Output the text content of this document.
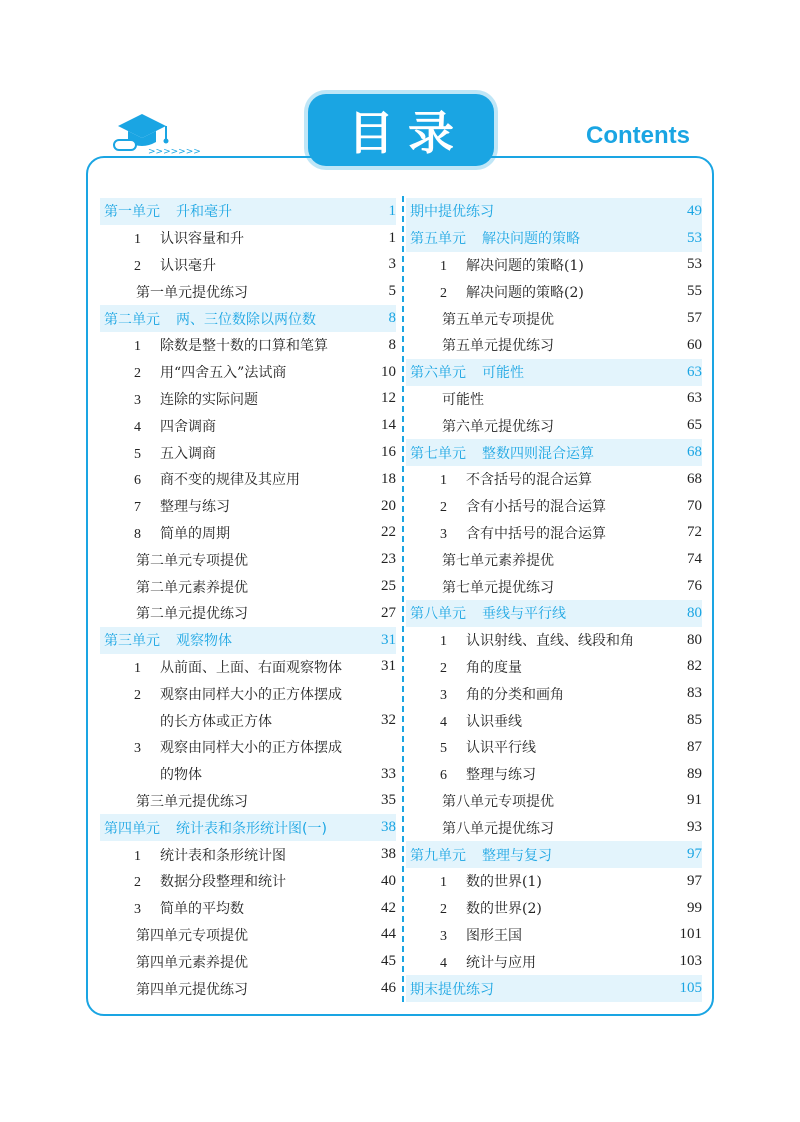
>>>>>>>	目录	Contents
第一单元 升和毫升	1
1 认识容量和升	1
2 认识毫升	3
第一单元提优练习	5
第二单元 两、三位数除以两位数	8
1 除数是整十数的口算和笔算	8
2 用“四舍五入”法试商	10
3 连除的实际问题	12
4 四舍调商	14
5 五入调商	16
6 商不变的规律及其应用	18
7 整理与练习	20
8 简单的周期	22
第二单元专项提优	23
第二单元素养提优	25
第二单元提优练习	27
第三单元 观察物体	31
1 从前面、上面、右面观察物体	31
2 观察由同样大小的正方体摆成
的长方体或正方体	32
3 观察由同样大小的正方体摆成
的物体	33
第三单元提优练习	35
第四单元 统计表和条形统计图(一)	38
1 统计表和条形统计图	38
2 数据分段整理和统计	40
3 简单的平均数	42
第四单元专项提优	44
第四单元素养提优	45
第四单元提优练习	46
期中提优练习	49
第五单元 解决问题的策略	53
1 解决问题的策略(1)	53
2 解决问题的策略(2)	55
第五单元专项提优	57
第五单元提优练习	60
第六单元 可能性	63
可能性	63
第六单元提优练习	65
第七单元 整数四则混合运算	68
1 不含括号的混合运算	68
2 含有小括号的混合运算	70
3 含有中括号的混合运算	72
第七单元素养提优	74
第七单元提优练习	76
第八单元 垂线与平行线	80
1 认识射线、直线、线段和角	80
2 角的度量	82
3 角的分类和画角	83
4 认识垂线	85
5 认识平行线	87
6 整理与练习	89
第八单元专项提优	91
第八单元提优练习	93
第九单元 整理与复习	97
1 数的世界(1)	97
2 数的世界(2)	99
3 图形王国	101
4 统计与应用	103
期末提优练习	105
